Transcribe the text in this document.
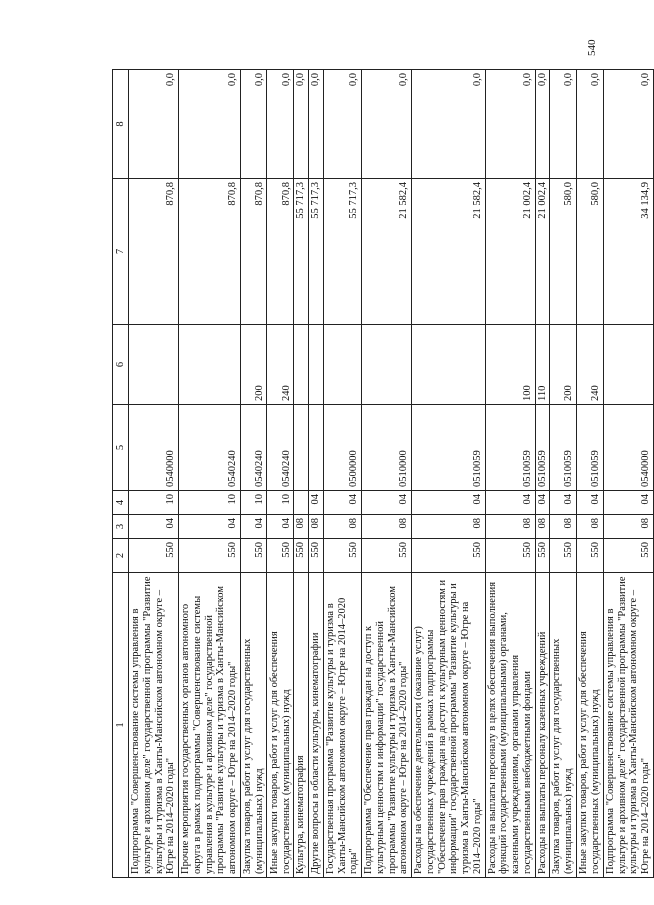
540
1	2	3	4	5	6	7	8
Подпрограмма "Совершенствование системы управления в культуре и архивном деле" государственной программы "Развитие культуры и туризма в Ханты-Мансийском автономном округе – Югре на 2014–2020 годы"	550	04	10	0540000		870,8	0,0
Прочие мероприятия государственных органов автономного округа в рамках подпрограммы "Совершенствование системы управления в культуре и архивном деле" государственной программы "Развитие культуры и туризма в Ханты-Мансийском автономном округе – Югре на 2014–2020 годы"	550	04	10	0540240		870,8	0,0
Закупка товаров, работ и услуг для государственных (муниципальных) нужд	550	04	10	0540240	200	870,8	0,0
Иные закупки товаров, работ и услуг для обеспечения государственных (муниципальных) нужд	550	04	10	0540240	240	870,8	0,0
Культура, кинематография	550	08				55 717,3	0,0
Другие вопросы в области культуры, кинематографии	550	08	04			55 717,3	0,0
Государственная программа "Развитие культуры и туризма в Ханты-Мансийском автономном округе – Югре на 2014–2020 годы"	550	08	04	0500000		55 717,3	0,0
Подпрограмма "Обеспечение прав граждан на доступ к культурным ценностям и информации" государственной программы "Развитие культуры и туризма в Ханты-Мансийском автономном округе – Югре на 2014–2020 годы"	550	08	04	0510000		21 582,4	0,0
Расходы на обеспечение деятельности (оказание услуг) государственных учреждений в рамках подпрограммы "Обеспечение прав граждан на доступ к культурным ценностям и информации" государственной программы "Развитие культуры и туризма в Ханты-Мансийском автономном округе – Югре на 2014–2020 годы"	550	08	04	0510059		21 582,4	0,0
Расходы на выплаты персоналу в целях обеспечения выполнения функций государственными (муниципальными) органами, казенными учреждениями, органами управления государственными внебюджетными фондами	550	08	04	0510059	100	21 002,4	0,0
Расходы на выплаты персоналу казенных учреждений	550	08	04	0510059	110	21 002,4	0,0
Закупка товаров, работ и услуг для государственных (муниципальных) нужд	550	08	04	0510059	200	580,0	0,0
Иные закупки товаров, работ и услуг для обеспечения государственных (муниципальных) нужд	550	08	04	0510059	240	580,0	0,0
Подпрограмма "Совершенствование системы управления в культуре и архивном деле" государственной программы "Развитие культуры и туризма в Ханты-Мансийском автономном округе – Югре на 2014–2020 годы"	550	08	04	0540000		34 134,9	0,0
